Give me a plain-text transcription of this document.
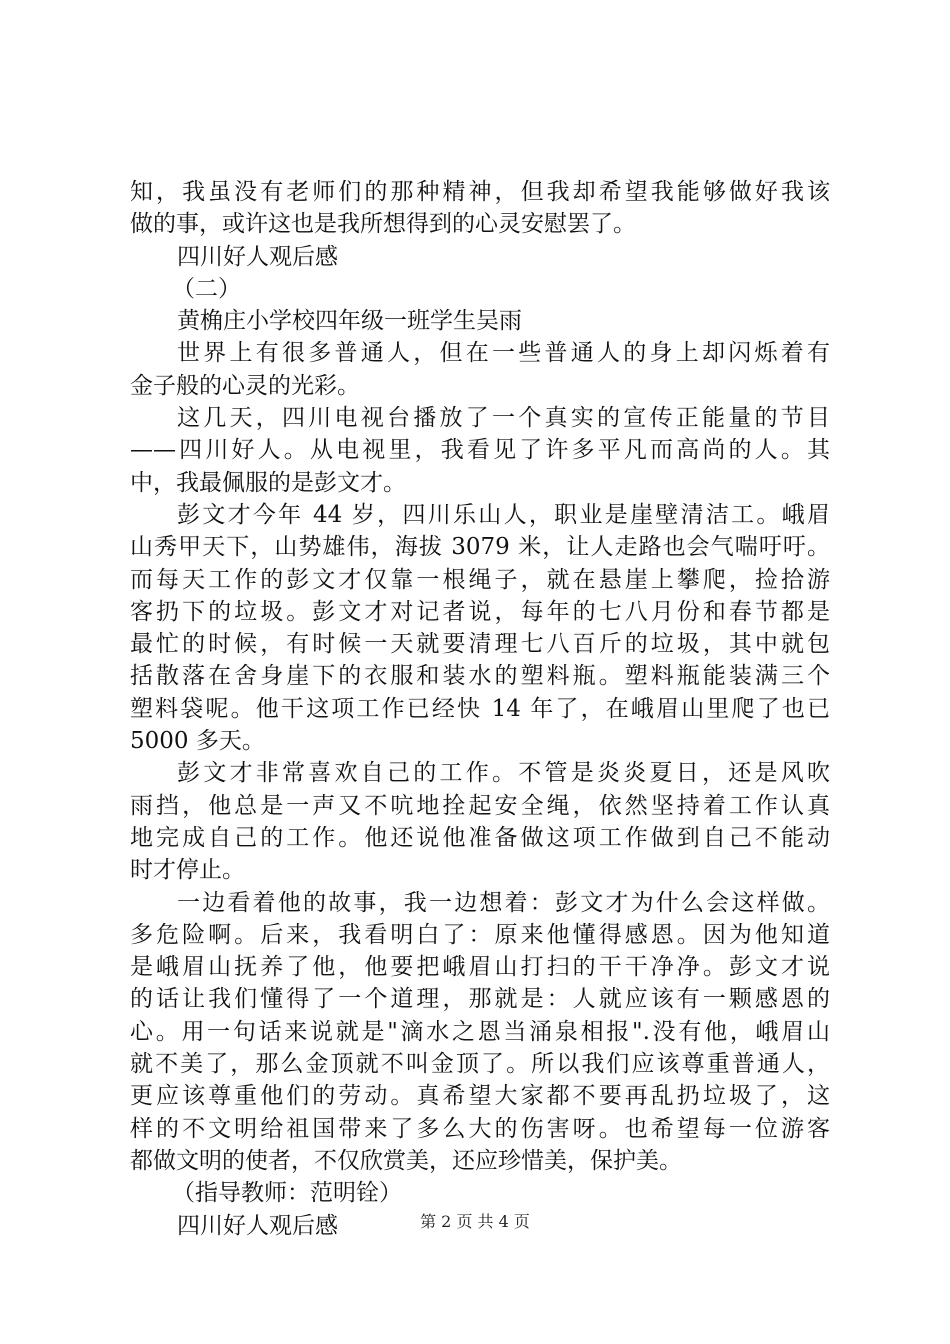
知，我虽没有老师们的那种精神，但我却希望我能够做好我该
做的事，或许这也是我所想得到的心灵安慰罢了。
四川好人观后感
（二）
黄桷庄小学校四年级一班学生吴雨
世界上有很多普通人，但在一些普通人的身上却闪烁着有
金子般的心灵的光彩。
这几天，四川电视台播放了一个真实的宣传正能量的节目
——四川好人。从电视里，我看见了许多平凡而高尚的人。其
中，我最佩服的是彭文才。
彭文才今年 44 岁，四川乐山人，职业是崖壁清洁工。峨眉
山秀甲天下，山势雄伟，海拔 3079 米，让人走路也会气喘吁吁。
而每天工作的彭文才仅靠一根绳子，就在悬崖上攀爬，捡拾游
客扔下的垃圾。彭文才对记者说，每年的七八月份和春节都是
最忙的时候，有时候一天就要清理七八百斤的垃圾，其中就包
括散落在舍身崖下的衣服和装水的塑料瓶。塑料瓶能装满三个
塑料袋呢。他干这项工作已经快 14 年了，在峨眉山里爬了也已
5000 多天。
彭文才非常喜欢自己的工作。不管是炎炎夏日，还是风吹
雨挡，他总是一声又不吭地拴起安全绳，依然坚持着工作认真
地完成自己的工作。他还说他准备做这项工作做到自己不能动
时才停止。
一边看着他的故事，我一边想着：彭文才为什么会这样做。
多危险啊。后来，我看明白了：原来他懂得感恩。因为他知道
是峨眉山抚养了他，他要把峨眉山打扫的干干净净。彭文才说
的话让我们懂得了一个道理，那就是：人就应该有一颗感恩的
心。用一句话来说就是"滴水之恩当涌泉相报".没有他，峨眉山
就不美了，那么金顶就不叫金顶了。所以我们应该尊重普通人，
更应该尊重他们的劳动。真希望大家都不要再乱扔垃圾了，这
样的不文明给祖国带来了多么大的伤害呀。也希望每一位游客
都做文明的使者，不仅欣赏美，还应珍惜美，保护美。
（指导教师：范明铨）
四川好人观后感	第 2 页 共 4 页
